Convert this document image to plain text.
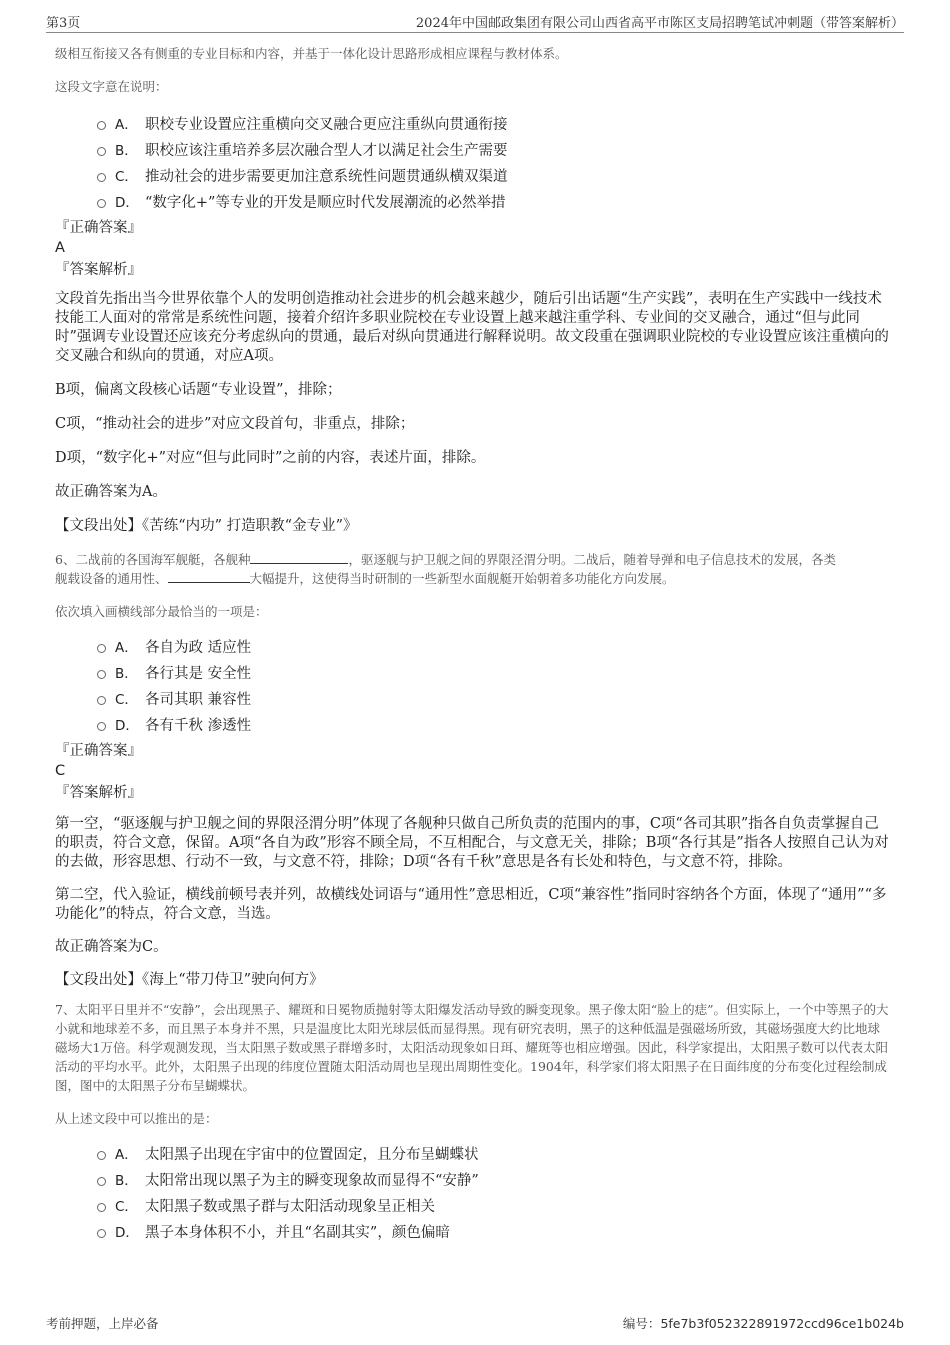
第3页	2024年中国邮政集团有限公司山西省高平市陈区支局招聘笔试冲刺题（带答案解析）
级相互衔接又各有侧重的专业目标和内容，并基于一体化设计思路形成相应课程与教材体系。
这段文字意在说明：
A． 职校专业设置应注重横向交叉融合更应注重纵向贯通衔接
B． 职校应该注重培养多层次融合型人才以满足社会生产需要
C． 推动社会的进步需要更加注意系统性问题贯通纵横双渠道
D． “数字化+”等专业的开发是顺应时代发展潮流的必然举措
『正确答案』
A
『答案解析』

文段首先指出当今世界依靠个人的发明创造推动社会进步的机会越来越少，随后引出话题“生产实践”，表明在生产实践中一线技术技能工人面对的常常是系统性问题，接着介绍许多职业院校在专业设置上越来越注重学科、专业间的交叉融合，通过“但与此同时”强调专业设置还应该充分考虑纵向的贯通，最后对纵向贯通进行解释说明。故文段重在强调职业院校的专业设置应该注重横向的交叉融合和纵向的贯通，对应A项。

B项，偏离文段核心话题“专业设置”，排除；

C项，“推动社会的进步”对应文段首句，非重点，排除；

D项，“数字化+”对应“但与此同时”之前的内容，表述片面，排除。

故正确答案为A。

【文段出处】《苦练“内功” 打造职教“金专业”》

6、二战前的各国海军舰艇，各舰种	，驱逐舰与护卫舰之间的界限泾渭分明。二战后，随着导弹和电子信息技术的发展，各类
舰载设备的通用性、	大幅提升，这使得当时研制的一些新型水面舰艇开始朝着多功能化方向发展。
依次填入画横线部分最恰当的一项是：
A． 各自为政 适应性
B． 各行其是 安全性
C． 各司其职 兼容性
D． 各有千秋 渗透性
『正确答案』
C
『答案解析』

第一空，“驱逐舰与护卫舰之间的界限泾渭分明”体现了各舰种只做自己所负责的范围内的事，C项“各司其职”指各自负责掌握自己的职责，符合文意，保留。A项“各自为政”形容不顾全局，不互相配合，与文意无关，排除；B项“各行其是”指各人按照自己认为对的去做，形容思想、行动不一致，与文意不符，排除；D项“各有千秋”意思是各有长处和特色，与文意不符，排除。

第二空，代入验证，横线前顿号表并列，故横线处词语与“通用性”意思相近，C项“兼容性”指同时容纳各个方面，体现了“通用”“多功能化”的特点，符合文意，当选。

故正确答案为C。

【文段出处】《海上“带刀侍卫”驶向何方》

7、太阳平日里并不“安静”，会出现黑子、耀斑和日冕物质抛射等太阳爆发活动导致的瞬变现象。黑子像太阳“脸上的痣”。但实际上，一个中等黑子的大小就和地球差不多，而且黑子本身并不黑，只是温度比太阳光球层低而显得黑。现有研究表明，黑子的这种低温是强磁场所致，其磁场强度大约比地球磁场大1万倍。科学观测发现，当太阳黑子数或黑子群增多时，太阳活动现象如日珥、耀斑等也相应增强。因此，科学家提出，太阳黑子数可以代表太阳活动的平均水平。此外，太阳黑子出现的纬度位置随太阳活动周也呈现出周期性变化。1904年，科学家们将太阳黑子在日面纬度的分布变化过程绘制成图，图中的太阳黑子分布呈蝴蝶状。
从上述文段中可以推出的是：
A． 太阳黑子出现在宇宙中的位置固定，且分布呈蝴蝶状
B． 太阳常出现以黑子为主的瞬变现象故而显得不“安静”
C． 太阳黑子数或黑子群与太阳活动现象呈正相关
D． 黑子本身体积不小，并且“名副其实”，颜色偏暗
考前押题，上岸必备	编号：5fe7b3f052322891972ccd96ce1b024b
